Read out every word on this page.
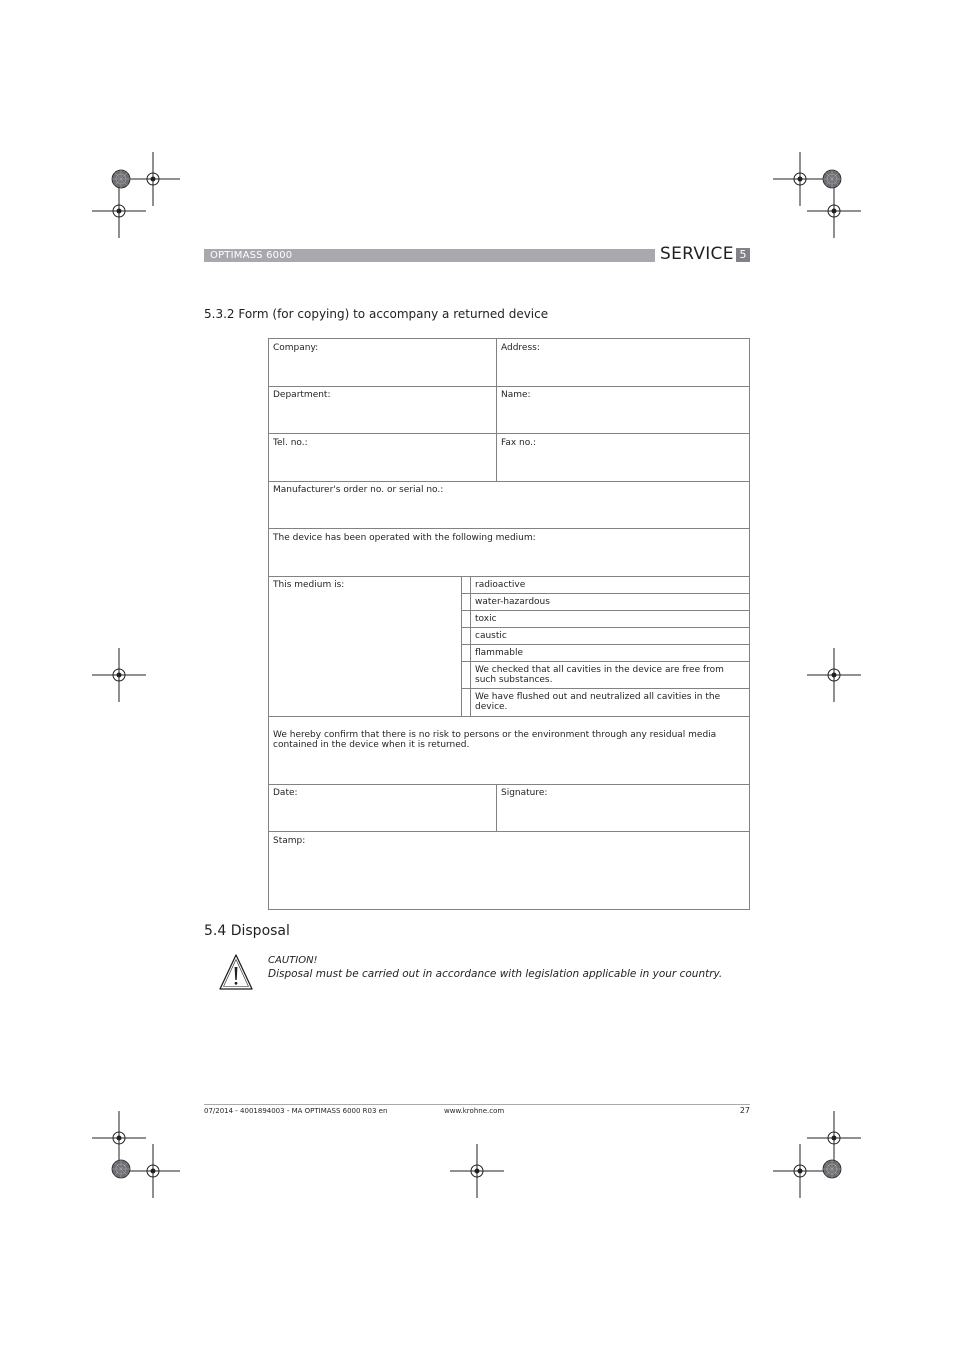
OPTIMASS 6000	SERVICE 5
5.3.2 Form (for copying) to accompany a returned device
Company:	Address:
Department:	Name:
Tel. no.:	Fax no.:
Manufacturer's order no. or serial no.:
The device has been operated with the following medium:
This medium is:	radioactive
water-hazardous
toxic
caustic
flammable
We checked that all cavities in the device are free from such substances.
We have flushed out and neutralized all cavities in the device.
We hereby confirm that there is no risk to persons or the environment through any residual media contained in the device when it is returned.
Date:	Signature:
Stamp:
5.4 Disposal
CAUTION!
Disposal must be carried out in accordance with legislation applicable in your country.
07/2014 - 4001894003 - MA OPTIMASS 6000 R03 en	www.krohne.com	27
